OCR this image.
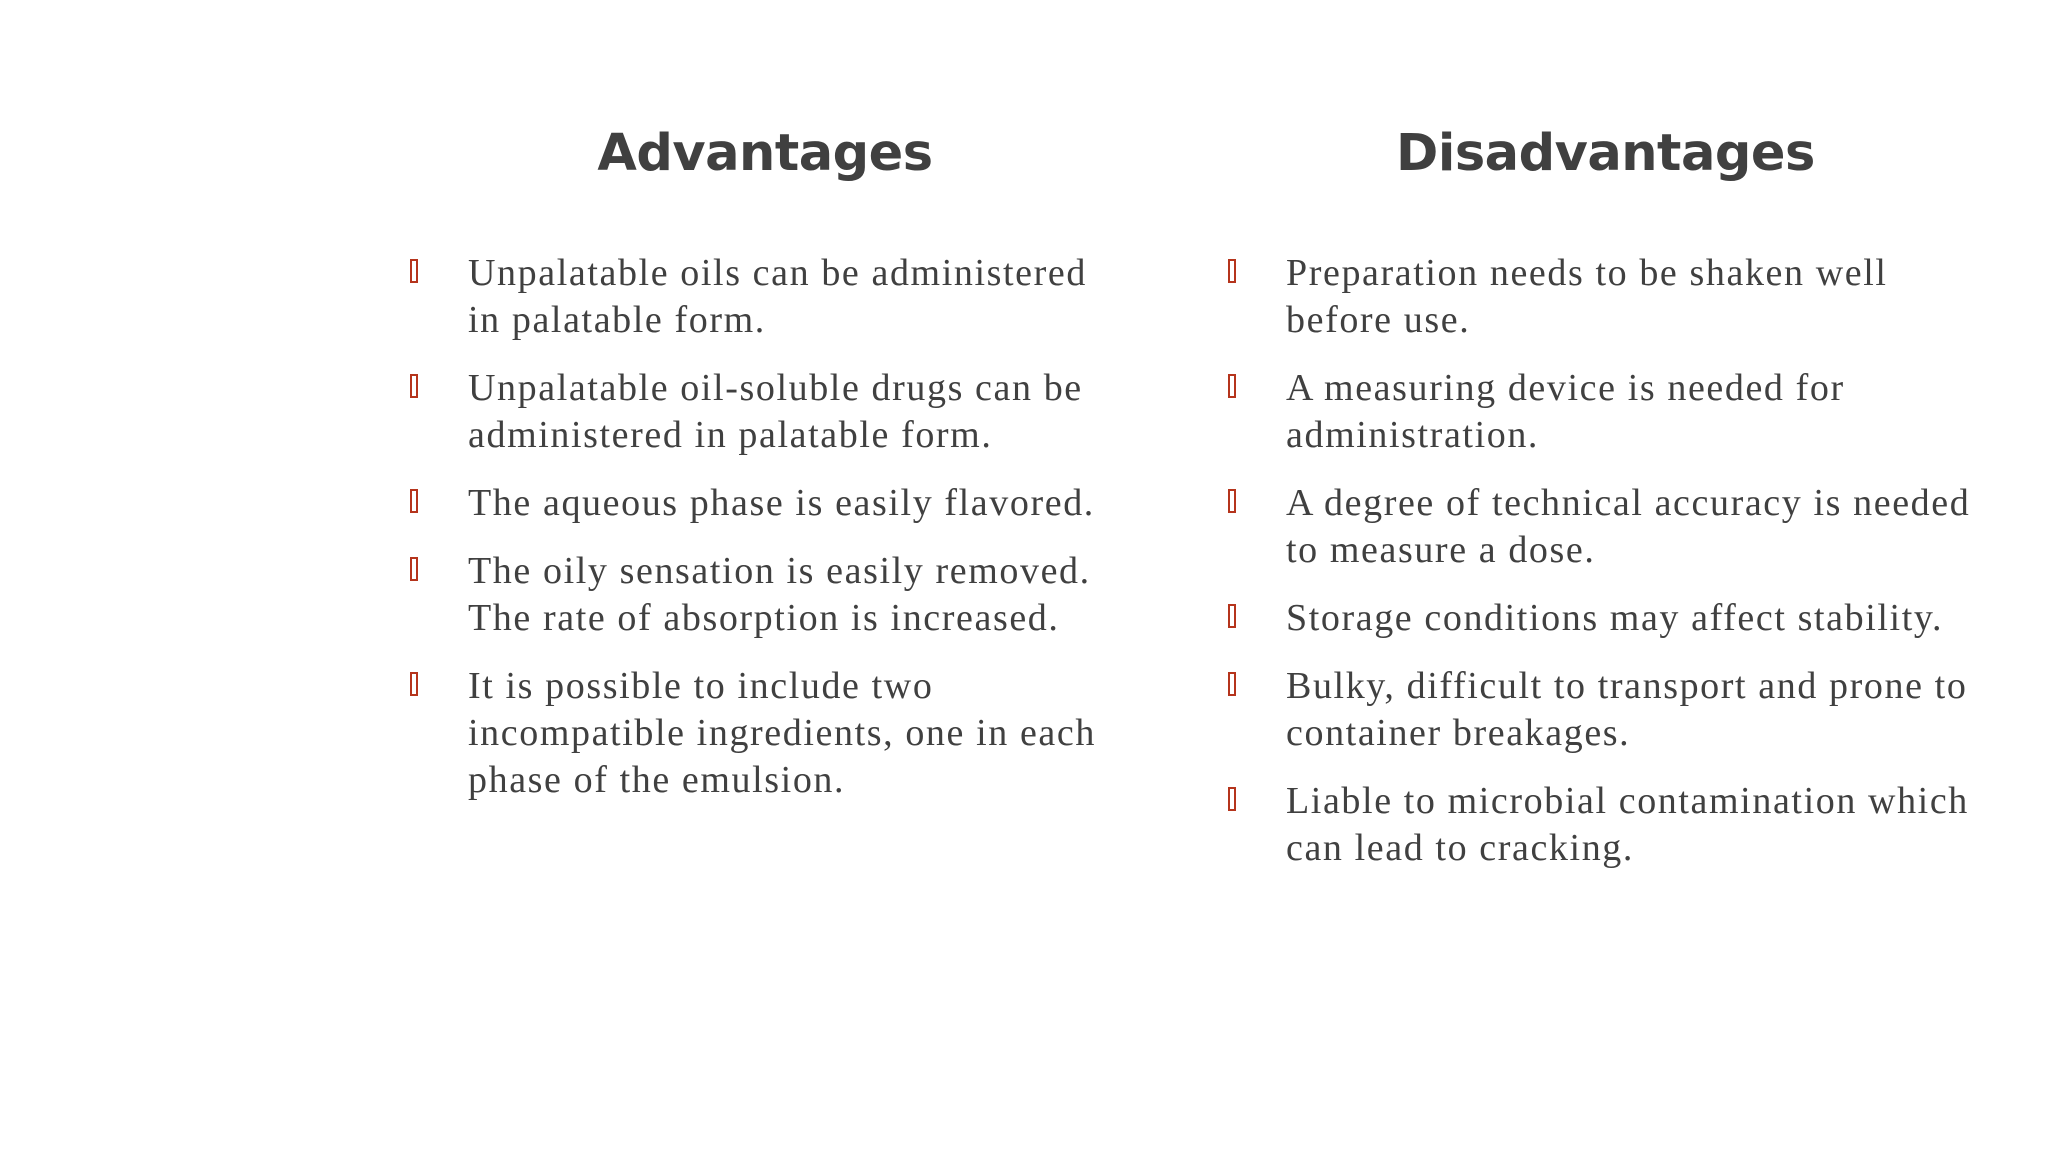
Advantages
Unpalatable oils can be administered in palatable form.
Unpalatable oil-soluble drugs can be administered in palatable form.
The aqueous phase is easily flavored.
The oily sensation is easily removed. The rate of absorption is increased.
It is possible to include two incompatible ingredients, one in each phase of the emulsion.
Disadvantages
Preparation needs to be shaken well before use.
A measuring device is needed for administration.
A degree of technical accuracy is needed to measure a dose.
Storage conditions may affect stability.
Bulky, difficult to transport and prone to container breakages.
Liable to microbial contamination which can lead to cracking.
